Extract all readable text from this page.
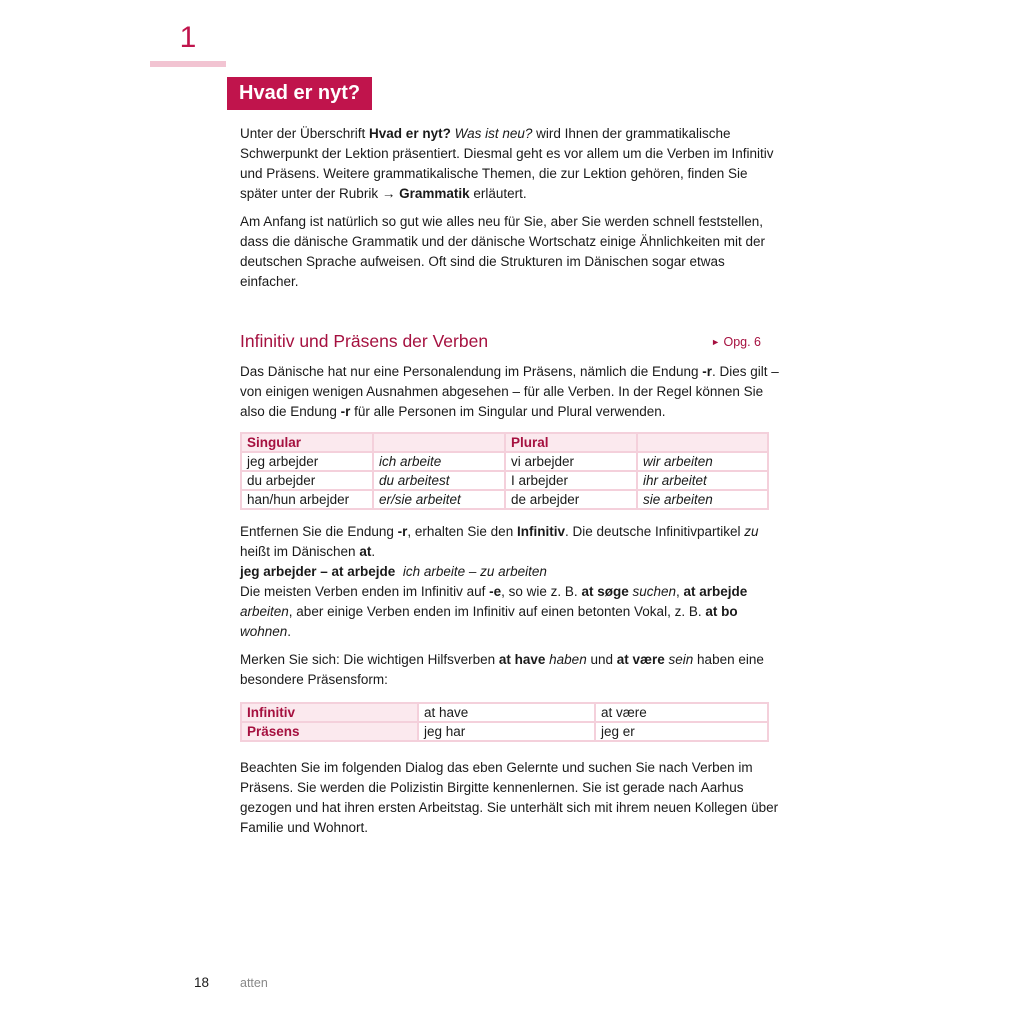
1
Hvad er nyt?

Unter der Überschrift Hvad er nyt? Was ist neu? wird Ihnen der grammatikalische Schwerpunkt der Lektion präsentiert. Diesmal geht es vor allem um die Verben im Infinitiv und Präsens. Weitere grammatikalische Themen, die zur Lektion gehören, finden Sie später unter der Rubrik → Grammatik erläutert.

Am Anfang ist natürlich so gut wie alles neu für Sie, aber Sie werden schnell feststellen, dass die dänische Grammatik und der dänische Wortschatz einige Ähnlichkeiten mit der deutschen Sprache aufweisen. Oft sind die Strukturen im Dänischen sogar etwas einfacher.

Infinitiv und Präsens der Verben	► Opg. 6

Das Dänische hat nur eine Personalendung im Präsens, nämlich die Endung -r. Dies gilt – von einigen wenigen Ausnahmen abgesehen – für alle Verben. In der Regel können Sie also die Endung -r für alle Personen im Singular und Plural verwenden.

Singular		Plural	
jeg arbejder	ich arbeite	vi arbejder	wir arbeiten
du arbejder	du arbeitest	I arbejder	ihr arbeitet
han/hun arbejder	er/sie arbeitet	de arbejder	sie arbeiten

Entfernen Sie die Endung -r, erhalten Sie den Infinitiv. Die deutsche Infinitivpartikel zu heißt im Dänischen at.

jeg arbejder – at arbejde ich arbeite – zu arbeiten

Die meisten Verben enden im Infinitiv auf -e, so wie z. B. at søge suchen, at arbejde arbeiten, aber einige Verben enden im Infinitiv auf einen betonten Vokal, z. B. at bo wohnen.

Merken Sie sich: Die wichtigen Hilfsverben at have haben und at være sein haben eine besondere Präsensform:

Infinitiv	at have	at være
Präsens	jeg har	jeg er

Beachten Sie im folgenden Dialog das eben Gelernte und suchen Sie nach Verben im Präsens. Sie werden die Polizistin Birgitte kennenlernen. Sie ist gerade nach Aarhus gezogen und hat ihren ersten Arbeitstag. Sie unterhält sich mit ihrem neuen Kollegen über Familie und Wohnort.

18 atten
